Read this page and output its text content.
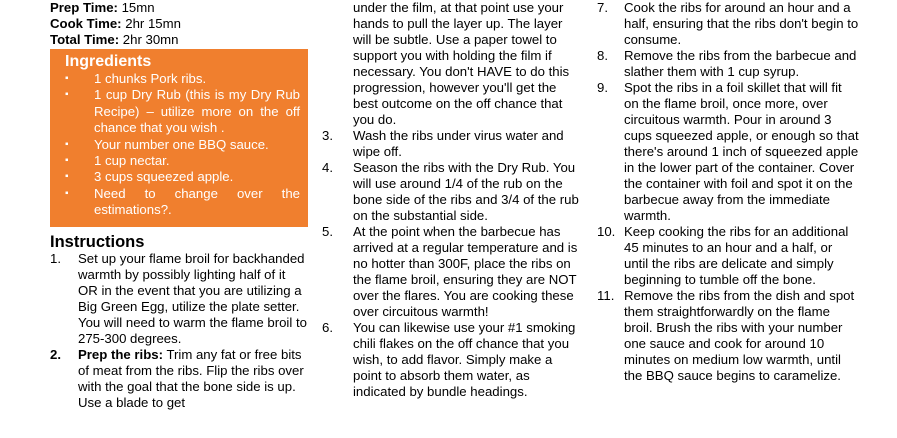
Prep Time: 15mn
Cook Time: 2hr 15mn
Total Time: 2hr 30mn
Ingredients
▪ 1 chunks Pork ribs.
▪ 1 cup Dry Rub (this is my Dry Rub Recipe) – utilize more on the off chance that you wish .
▪ Your number one BBQ sauce.
▪ 1 cup nectar.
▪ 3 cups squeezed apple.
▪ Need to change over the estimations?.
Instructions
1. Set up your flame broil for backhanded warmth by possibly lighting half of it OR in the event that you are utilizing a Big Green Egg, utilize the plate setter. You will need to warm the flame broil to 275-300 degrees.
2. Prep the ribs: Trim any fat or free bits of meat from the ribs. Flip the ribs over with the goal that the bone side is up. Use a blade to get
under the film, at that point use your hands to pull the layer up. The layer will be subtle. Use a paper towel to support you with holding the film if necessary. You don't HAVE to do this progression, however you'll get the best outcome on the off chance that you do.
3. Wash the ribs under virus water and wipe off.
4. Season the ribs with the Dry Rub. You will use around 1/4 of the rub on the bone side of the ribs and 3/4 of the rub on the substantial side.
5. At the point when the barbecue has arrived at a regular temperature and is no hotter than 300F, place the ribs on the flame broil, ensuring they are NOT over the flares. You are cooking these over circuitous warmth!
6. You can likewise use your #1 smoking chili flakes on the off chance that you wish, to add flavor. Simply make a point to absorb them water, as indicated by bundle headings.
7. Cook the ribs for around an hour and a half, ensuring that the ribs don't begin to consume.
8. Remove the ribs from the barbecue and slather them with 1 cup syrup.
9. Spot the ribs in a foil skillet that will fit on the flame broil, once more, over circuitous warmth. Pour in around 3 cups squeezed apple, or enough so that there's around 1 inch of squeezed apple in the lower part of the container. Cover the container with foil and spot it on the barbecue away from the immediate warmth.
10. Keep cooking the ribs for an additional 45 minutes to an hour and a half, or until the ribs are delicate and simply beginning to tumble off the bone.
11. Remove the ribs from the dish and spot them straightforwardly on the flame broil. Brush the ribs with your number one sauce and cook for around 10 minutes on medium low warmth, until the BBQ sauce begins to caramelize.
